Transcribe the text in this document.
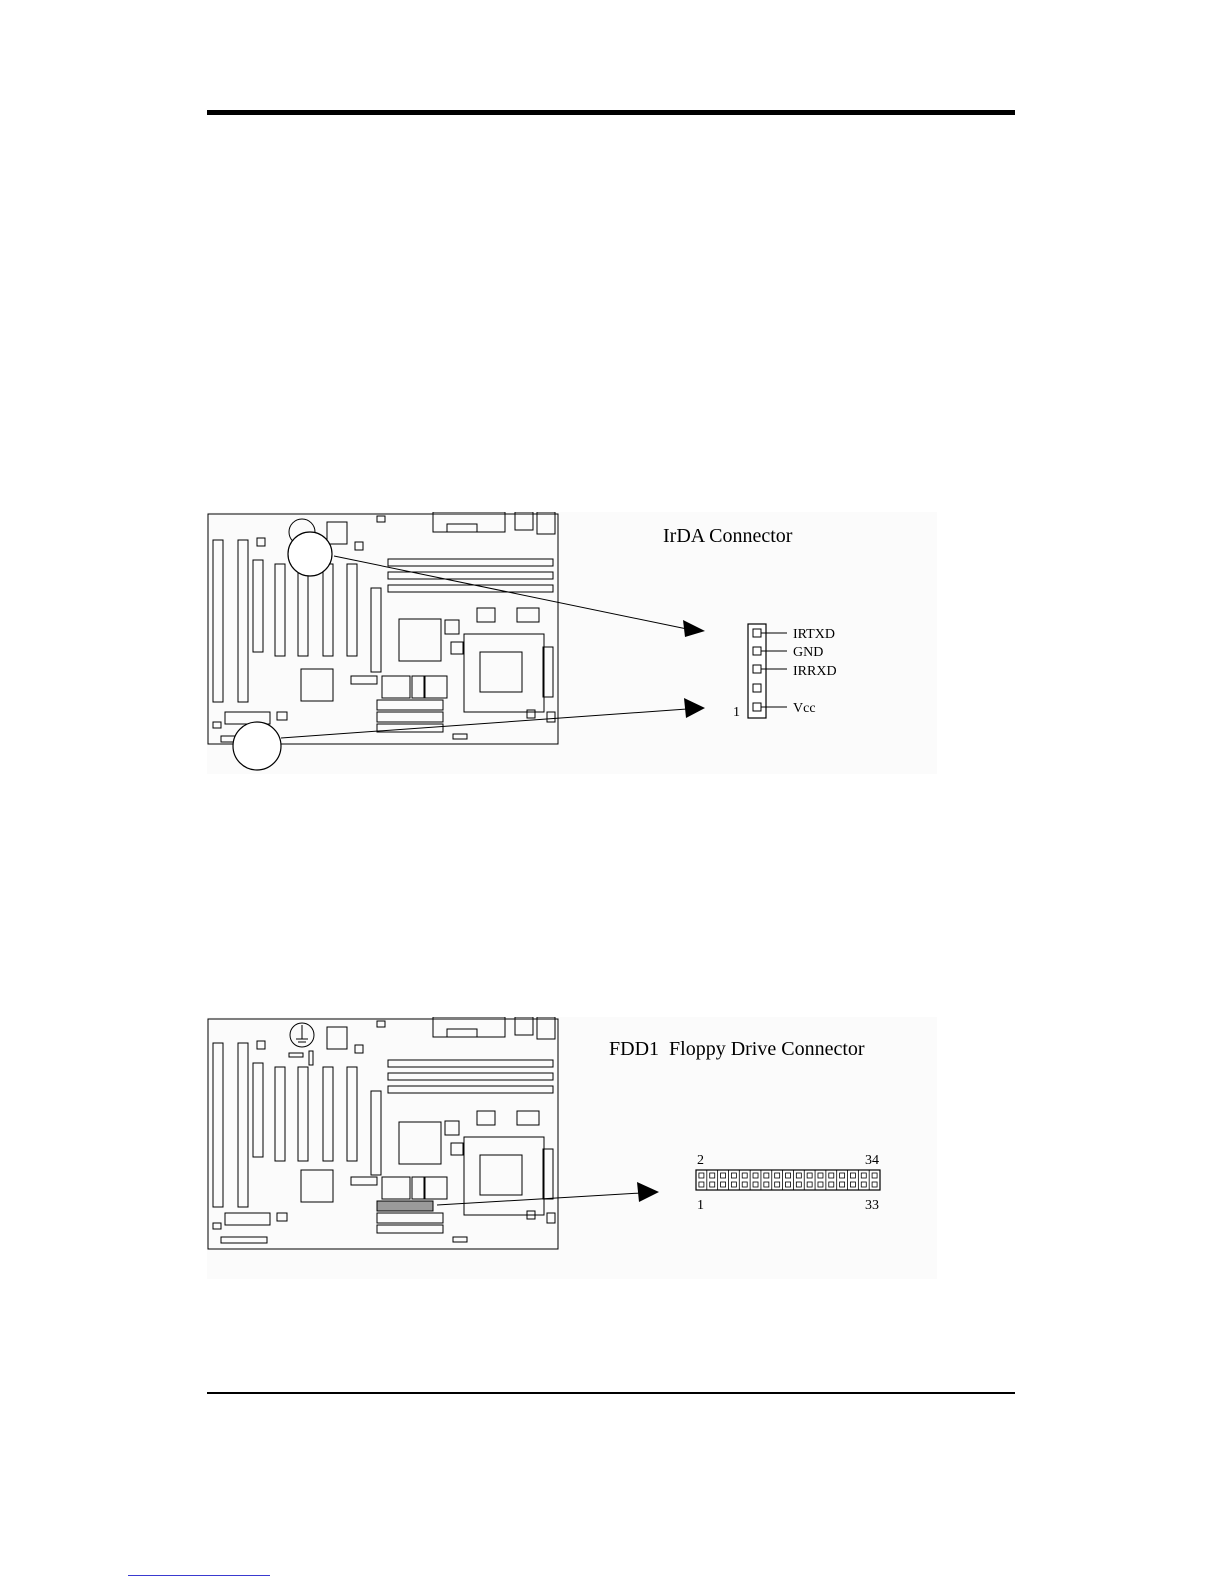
IrDA Connector
IRTXD
GND
IRRXD
Vcc
1
FDD1  Floppy Drive Connector
2	34
1	33
